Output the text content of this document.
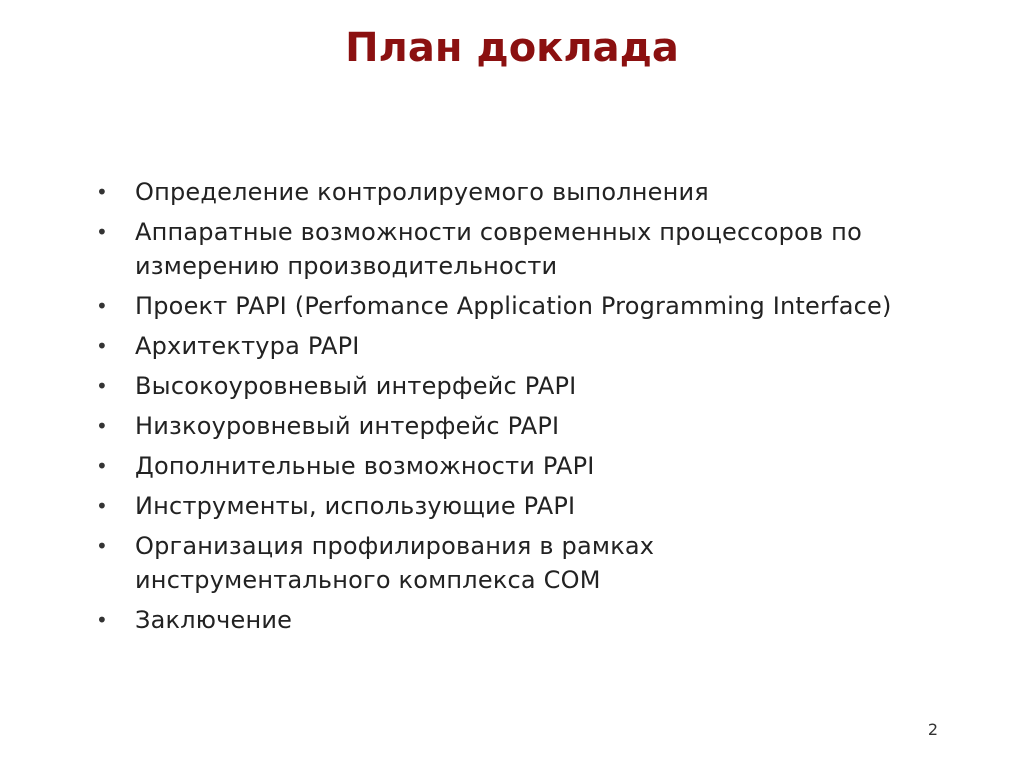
План доклада
•	Определение контролируемого выполнения
•	Аппаратные возможности современных процессоров по измерению производительности
•	Проект PAPI (Perfomance Application Programming Interface)
•	Архитектура PAPI
•	Высокоуровневый интерфейс PAPI
•	Низкоуровневый интерфейс PAPI
•	Дополнительные возможности PAPI
•	Инструменты, использующие PAPI
•	Организация профилирования в рамках инструментального комплекса СОМ
•	Заключение
2
